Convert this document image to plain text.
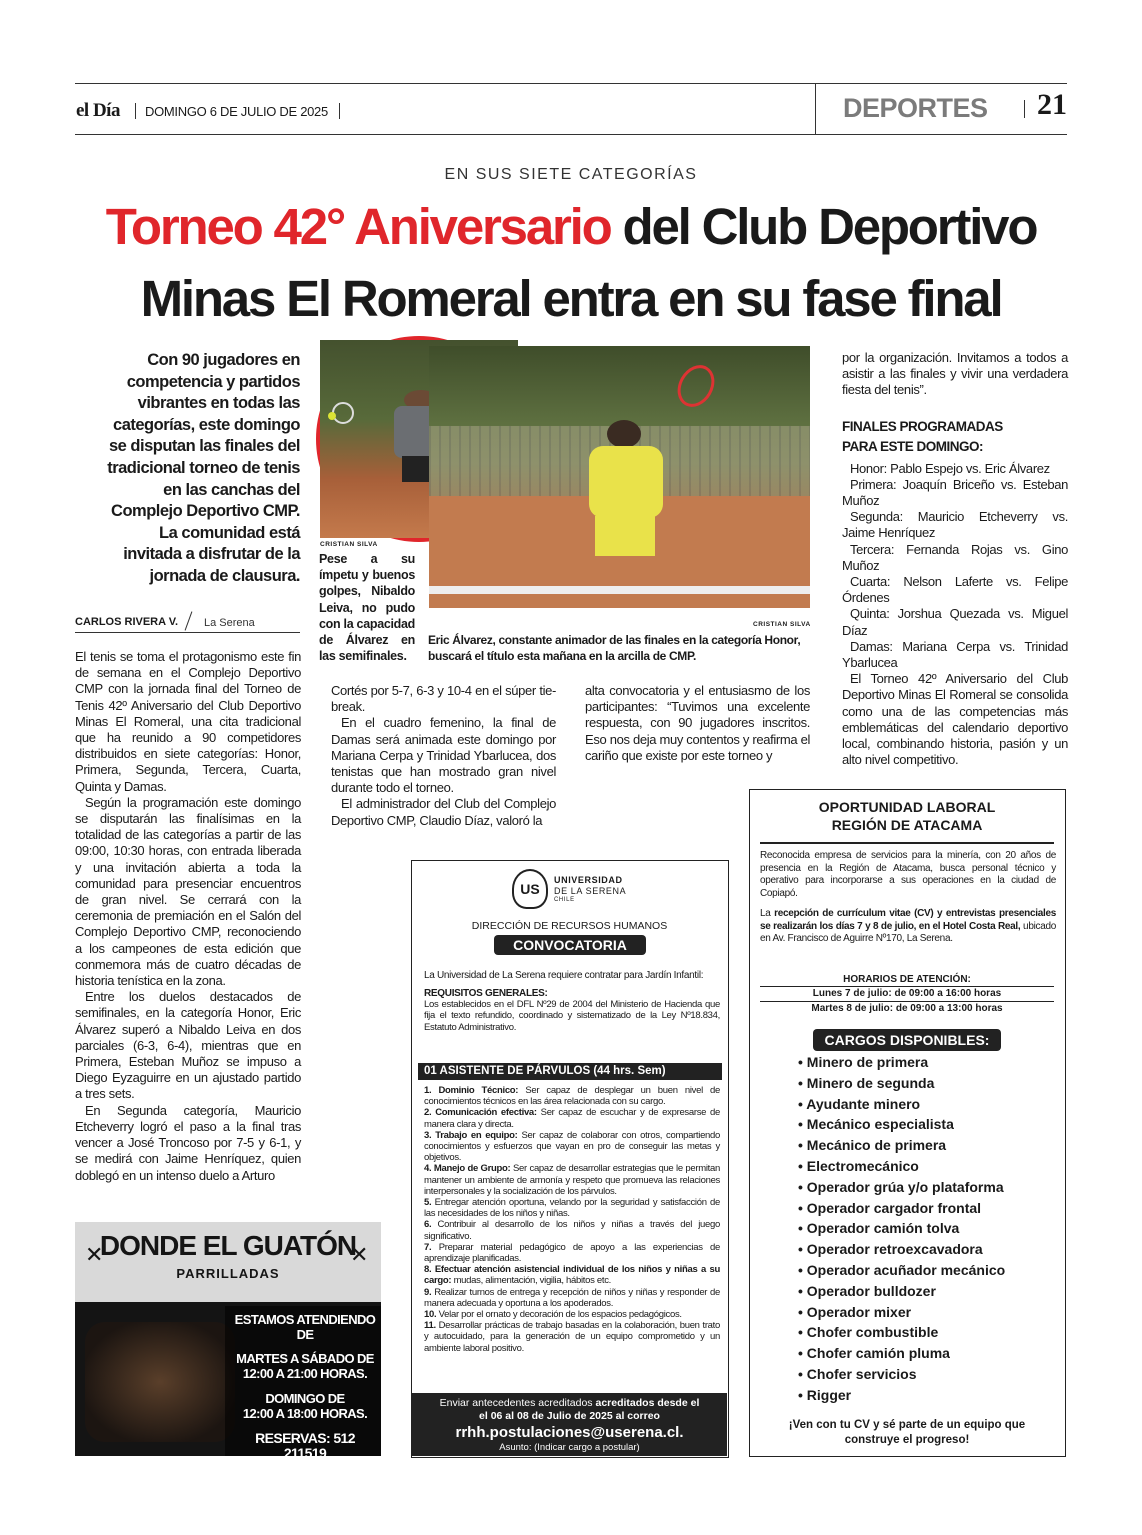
el Día DOMINGO 6 DE JULIO DE 2025	DEPORTES 21
EN SUS SIETE CATEGORÍAS
Torneo 42° Aniversario del Club Deportivo
Minas El Romeral entra en su fase final
Con 90 jugadores en competencia y partidos vibrantes en todas las categorías, este domingo se disputan las finales del tradicional torneo de tenis en las canchas del Complejo Deportivo CMP. La comunidad está invitada a disfrutar de la jornada de clausura.
CRISTIAN SILVA
Pese a su ímpetu y buenos golpes, Nibaldo Leiva, no pudo con la capacidad de Álvarez en las semifinales.
CRISTIAN SILVA
Eric Álvarez, constante animador de las finales en la categoría Honor, buscará el título esta mañana en la arcilla de CMP.
CARLOS RIVERA V. La Serena

El tenis se toma el protagonismo este fin de semana en el Complejo Deportivo CMP con la jornada final del Torneo de Tenis 42º Aniversario del Club Deportivo Minas El Romeral, una cita tradicional que ha reunido a 90 competidores distribuidos en siete categorías: Honor, Primera, Segunda, Tercera, Cuarta, Quinta y Damas.

Según la programación este domingo se disputarán las finalísimas en la totalidad de las categorías a partir de las 09:00, 10:30 horas, con entrada liberada y una invitación abierta a toda la comunidad para presenciar encuentros de gran nivel. Se cerrará con la ceremonia de premiación en el Salón del Complejo Deportivo CMP, reconociendo a los campeones de esta edición que conmemora más de cuatro décadas de historia tenística en la zona.

Entre los duelos destacados de semifinales, en la categoría Honor, Eric Álvarez superó a Nibaldo Leiva en dos parciales (6-3, 6-4), mientras que en Primera, Esteban Muñoz se impuso a Diego Eyzaguirre en un ajustado partido a tres sets.

En Segunda categoría, Mauricio Etcheverry logró el paso a la final tras vencer a José Troncoso por 7-5 y 6-1, y se medirá con Jaime Henríquez, quien doblegó en un intenso duelo a Arturo

Cortés por 5-7, 6-3 y 10-4 en el súper tie-break.

En el cuadro femenino, la final de Damas será animada este domingo por Mariana Cerpa y Trinidad Ybarlucea, dos tenistas que han mostrado gran nivel durante todo el torneo.

El administrador del Club del Complejo Deportivo CMP, Claudio Díaz, valoró la

alta convocatoria y el entusiasmo de los participantes: “Tuvimos una excelente respuesta, con 90 jugadores inscritos. Eso nos deja muy contentos y reafirma el cariño que existe por este torneo y

por la organización. Invitamos a todos a asistir a las finales y vivir una verdadera fiesta del tenis”.

FINALES PROGRAMADAS
PARA ESTE DOMINGO:

Honor: Pablo Espejo vs. Eric Álvarez

Primera: Joaquín Briceño vs. Esteban Muñoz

Segunda: Mauricio Etcheverry vs. Jaime Henríquez

Tercera: Fernanda Rojas vs. Gino Muñoz

Cuarta: Nelson Laferte vs. Felipe Órdenes

Quinta: Jorshua Quezada vs. Miguel Díaz

Damas: Mariana Cerpa vs. Trinidad Ybarlucea

El Torneo 42º Aniversario del Club Deportivo Minas El Romeral se consolida como una de las competencias más emblemáticas del calendario deportivo local, combinando historia, pasión y un alto nivel competitivo.

DONDE EL GUATÓN
PARRILLADAS
✕	✕
ESTAMOS ATENDIENDO DE
MARTES A SÁBADO DE
12:00 A 21:00 HORAS.
DOMINGO DE
12:00 A 18:00 HORAS.
RESERVAS: 512 211519
Brasil 750, la Serena
US
UNIVERSIDAD
DE LA SERENA
CHILE
DIRECCIÓN DE RECURSOS HUMANOS
CONVOCATORIA

La Universidad de La Serena requiere contratar para Jardín Infantil:

REQUISITOS GENERALES:

Los establecidos en el DFL Nº29 de 2004 del Ministerio de Hacienda que fija el texto refundido, coordinado y sistematizado de la Ley Nº18.834, Estatuto Administrativo.

01 ASISTENTE DE PÁRVULOS (44 hrs. Sem)

1. Dominio Técnico: Ser capaz de desplegar un buen nivel de conocimientos técnicos en las área relacionada con su cargo.

2. Comunicación efectiva: Ser capaz de escuchar y de expresarse de manera clara y directa.

3. Trabajo en equipo: Ser capaz de colaborar con otros, compartiendo conocimientos y esfuerzos que vayan en pro de conseguir las metas y objetivos.

4. Manejo de Grupo: Ser capaz de desarrollar estrategias que le permitan mantener un ambiente de armonía y respeto que promueva las relaciones interpersonales y la socialización de los párvulos.

5. Entregar atención oportuna, velando por la seguridad y satisfacción de las necesidades de los niños y niñas.

6. Contribuir al desarrollo de los niños y niñas a través del juego significativo.

7. Preparar material pedagógico de apoyo a las experiencias de aprendizaje planificadas.

8. Efectuar atención asistencial individual de los niños y niñas a su cargo: mudas, alimentación, vigilia, hábitos etc.

9. Realizar turnos de entrega y recepción de niños y niñas y responder de manera adecuada y oportuna a los apoderados.

10. Velar por el ornato y decoración de los espacios pedagógicos.

11. Desarrollar prácticas de trabajo basadas en la colaboración, buen trato y autocuidado, para la generación de un equipo comprometido y un ambiente laboral positivo.

Enviar antecedentes acreditados acreditados desde el
el 06 al 08 de Julio de 2025 al correo
rrhh.postulaciones@userena.cl.
Asunto: (Indicar cargo a postular)
OPORTUNIDAD LABORAL
REGIÓN DE ATACAMA

Reconocida empresa de servicios para la minería, con 20 años de presencia en la Región de Atacama, busca personal técnico y operativo para incorporarse a sus operaciones en la ciudad de Copiapó.

La recepción de currículum vitae (CV) y entrevistas presenciales se realizarán los días 7 y 8 de julio, en el Hotel Costa Real, ubicado en Av. Francisco de Aguirre Nº170, La Serena.

HORARIOS DE ATENCIÓN:
Lunes 7 de julio: de 09:00 a 16:00 horas
Martes 8 de julio: de 09:00 a 13:00 horas
CARGOS DISPONIBLES:
• Minero de primera
• Minero de segunda
• Ayudante minero
• Mecánico especialista
• Mecánico de primera
• Electromecánico
• Operador grúa y/o plataforma
• Operador cargador frontal
• Operador camión tolva
• Operador retroexcavadora
• Operador acuñador mecánico
• Operador bulldozer
• Operador mixer
• Chofer combustible
• Chofer camión pluma
• Chofer servicios
• Rigger
¡Ven con tu CV y sé parte de un equipo que
construye el progreso!
